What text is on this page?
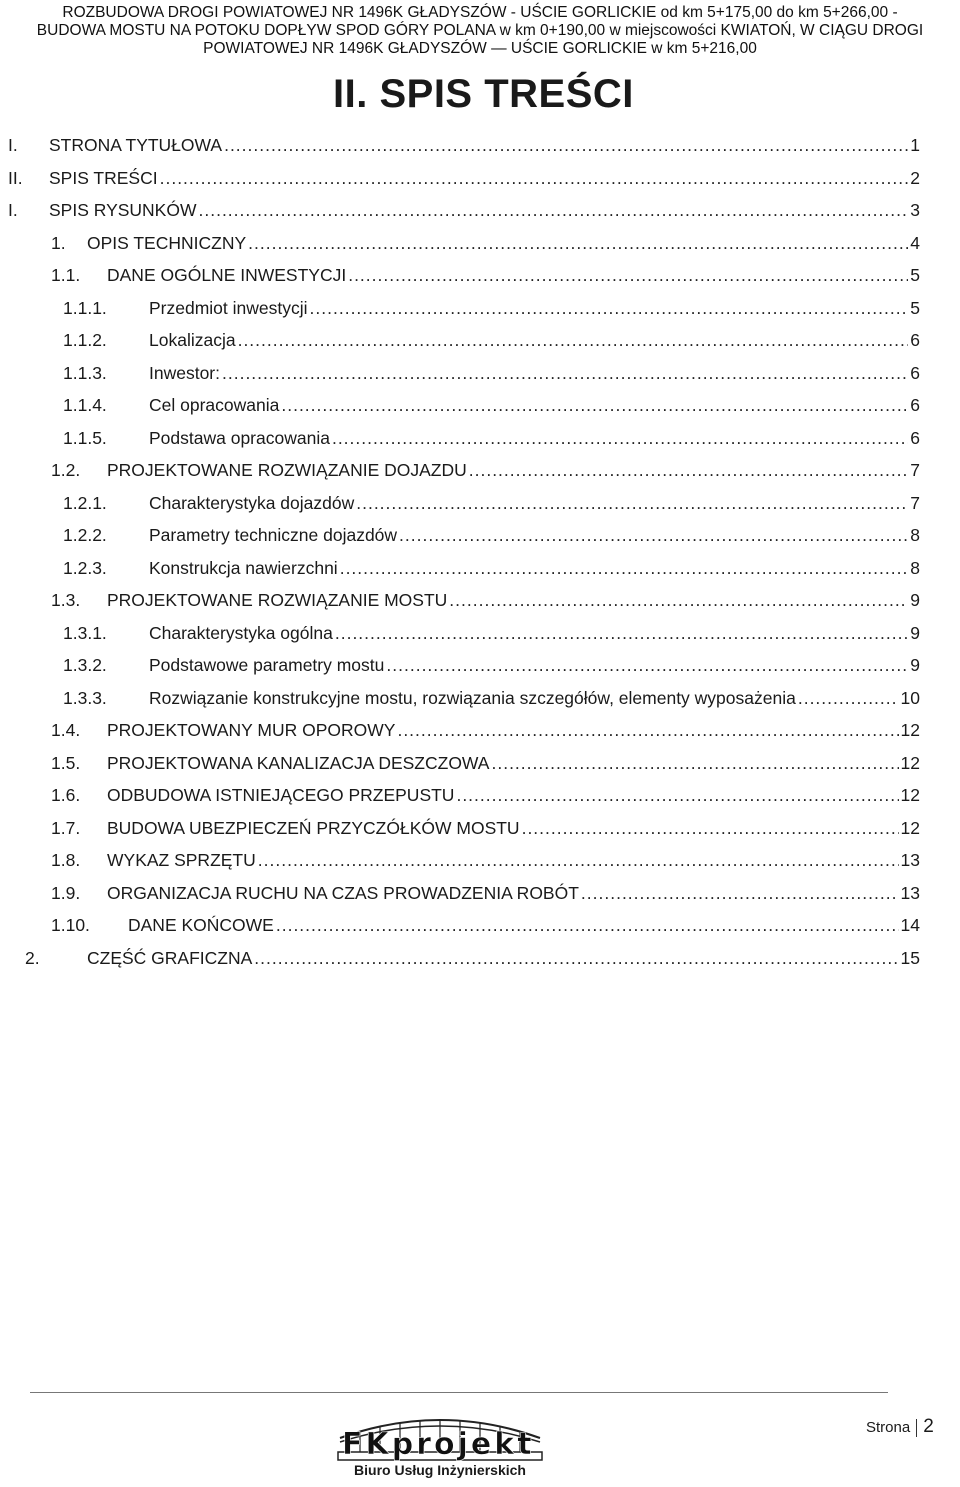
ROZBUDOWA DROGI POWIATOWEJ NR 1496K GŁADYSZÓW - UŚCIE GORLICKIE od km 5+175,00 do km 5+266,00 -
BUDOWA MOSTU NA POTOKU DOPŁYW SPOD GÓRY POLANA w km 0+190,00 w miejscowości KWIATOŃ, W CIĄGU DROGI
POWIATOWEJ NR 1496K GŁADYSZÓW — UŚCIE GORLICKIE w km 5+216,00
II. SPIS TREŚCI
I. STRONA TYTUŁOWA .....	1
II. SPIS TREŚCI .....	2
I. SPIS RYSUNKÓW .....	3
1. OPIS TECHNICZNY .....	4
1.1. DANE OGÓLNE INWESTYCJI .....	5
1.1.1. Przedmiot inwestycji .....	5
1.1.2. Lokalizacja .....	6
1.1.3. Inwestor: .....	6
1.1.4. Cel opracowania .....	6
1.1.5. Podstawa opracowania .....	6
1.2. PROJEKTOWANE ROZWIĄZANIE DOJAZDU .....	7
1.2.1. Charakterystyka dojazdów .....	7
1.2.2. Parametry techniczne dojazdów .....	8
1.2.3. Konstrukcja nawierzchni .....	8
1.3. PROJEKTOWANE ROZWIĄZANIE MOSTU .....	9
1.3.1. Charakterystyka ogólna .....	9
1.3.2. Podstawowe parametry mostu .....	9
1.3.3. Rozwiązanie konstrukcyjne mostu, rozwiązania szczegółów, elementy wyposażenia .....	10
1.4. PROJEKTOWANY MUR OPOROWY .....	12
1.5. PROJEKTOWANA KANALIZACJA DESZCZOWA .....	12
1.6. ODBUDOWA ISTNIEJĄCEGO PRZEPUSTU .....	12
1.7. BUDOWA UBEZPIECZEŃ PRZYCZÓŁKÓW MOSTU .....	12
1.8. WYKAZ SPRZĘTU .....	13
1.9. ORGANIZACJA RUCHU NA CZAS PROWADZENIA ROBÓT .....	13
1.10. DANE KOŃCOWE .....	14
2.	CZĘŚĆ GRAFICZNA .....	15
FKprojekt
Biuro Usług Inżynierskich
Strona 2
